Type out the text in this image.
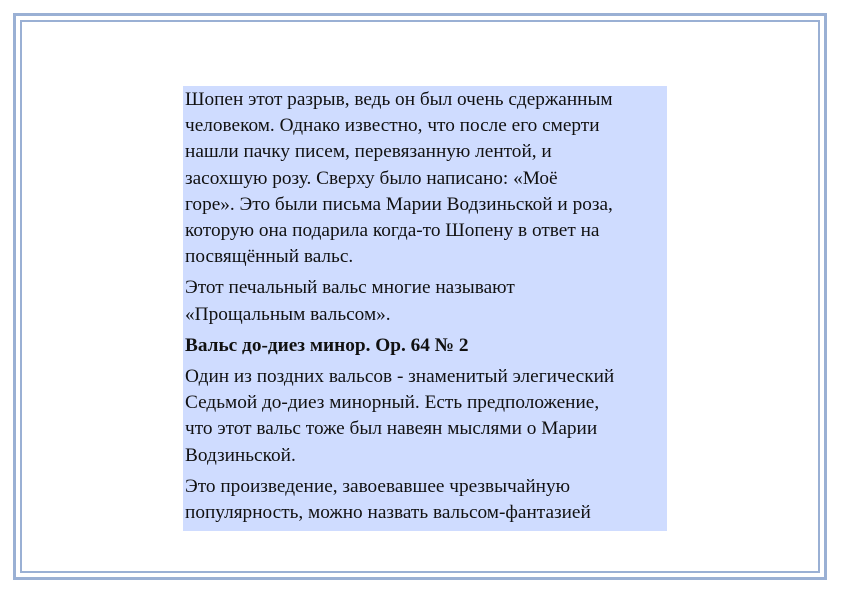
Шопен этот разрыв, ведь он был очень сдержанным
человеком. Однако известно, что после его смерти
нашли пачку писем, перевязанную лентой, и
засохшую розу. Сверху было написано: «Моё
горе». Это были письма Марии Водзиньской и роза,
которую она подарила когда-то Шопену в ответ на
посвящённый вальс.
Этот печальный вальс многие называют
«Прощальным вальсом».
Вальс до-диез минор. Ор. 64 № 2
Один из поздних вальсов - знаменитый элегический
Седьмой до-диез минорный. Есть предположение,
что этот вальс тоже был навеян мыслями о Марии
Водзиньской.
Это произведение, завоевавшее чрезвычайную
популярность, можно назвать вальсом-фантазией
